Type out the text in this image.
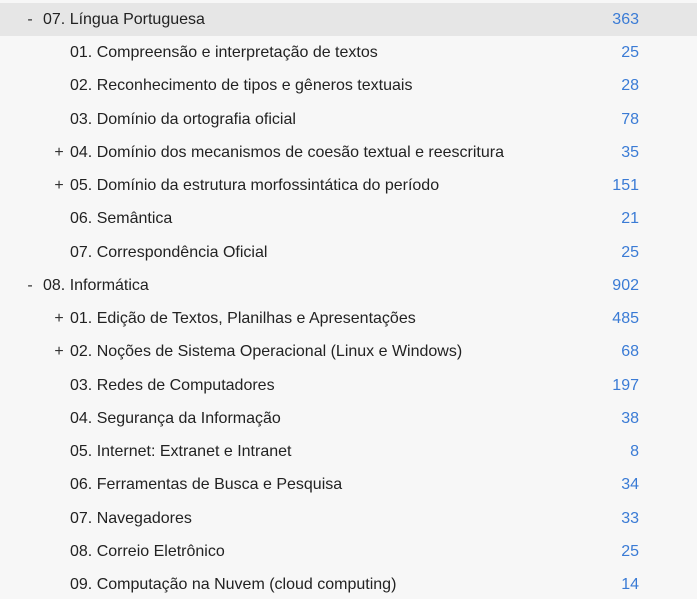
- 07. Língua Portuguesa	363
01. Compreensão e interpretação de textos	25
02. Reconhecimento de tipos e gêneros textuais	28
03. Domínio da ortografia oficial	78
+ 04. Domínio dos mecanismos de coesão textual e reescritura	35
+ 05. Domínio da estrutura morfossintática do período	151
06. Semântica	21
07. Correspondência Oficial	25
- 08. Informática	902
+ 01. Edição de Textos, Planilhas e Apresentações	485
+ 02. Noções de Sistema Operacional (Linux e Windows)	68
03. Redes de Computadores	197
04. Segurança da Informação	38
05. Internet: Extranet e Intranet	8
06. Ferramentas de Busca e Pesquisa	34
07. Navegadores	33
08. Correio Eletrônico	25
09. Computação na Nuvem (cloud computing)	14
